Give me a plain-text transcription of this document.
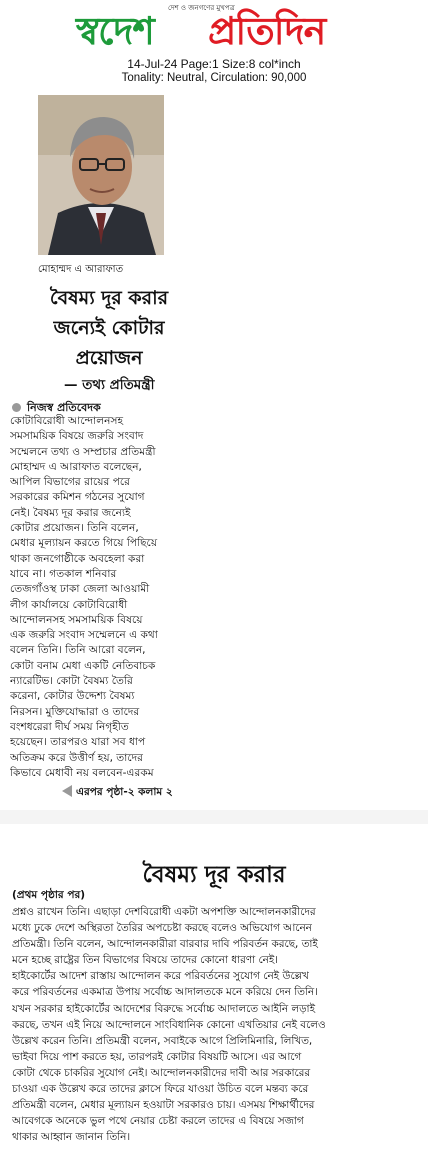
দেশ ও জনগণের মুখপত্র
স্বদেশ প্রতিদিন
14-Jul-24 Page:1 Size:8 col*inch
Tonality: Neutral, Circulation: 90,000
মোহাম্মদ এ আরাফাত
বৈষম্য দূর করার
জন্যেই কোটার
প্রয়োজন
— তথ্য প্রতিমন্ত্রী
নিজস্ব প্রতিবেদক
কোটাবিরোধী আন্দোলনসহ
সমসাময়িক বিষয়ে জরুরি সংবাদ
সম্মেলনে তথ্য ও সম্প্রচার প্রতিমন্ত্রী
মোহাম্মদ এ আরাফাত বলেছেন,
আপিল বিভাগের রায়ের পরে
সরকারের কমিশন গঠনের সুযোগ
নেই। বৈষম্য দূর করার জন্যেই
কোটার প্রয়োজন। তিনি বলেন,
মেধার মূল্যায়ন করতে গিয়ে পিছিয়ে
থাকা জনগোষ্ঠীকে অবহেলা করা
যাবে না। গতকাল শনিবার
তেজগাঁওস্থ ঢাকা জেলা আওয়ামী
লীগ কার্যালয়ে কোটাবিরোধী
আন্দোলনসহ সমসাময়িক বিষয়ে
এক জরুরি সংবাদ সম্মেলনে এ কথা
বলেন তিনি। তিনি আরো বলেন,
কোটা বনাম মেধা একটি নেতিবাচক
ন্যারেটিভ। কোটা বৈষম্য তৈরি
করেনা, কোটার উদ্দেশ্য বৈষম্য
নিরসন। মুক্তিযোদ্ধারা ও তাদের
বংশধরেরা দীর্ঘ সময় নিগৃহীত
হয়েছেন। তারপরও যারা সব ধাপ
অতিক্রম করে উত্তীর্ণ হয়, তাদের
কিভাবে মেধাবী নয় বলবেন-এরকম
এরপর পৃষ্ঠা-২ কলাম ২
বৈষম্য দূর করার
(প্রথম পৃষ্ঠার পর)
প্রশ্নও রাখেন তিনি। এছাড়া দেশবিরোধী একটা অপশক্তি আন্দোলনকারীদের
মধ্যে ঢুকে দেশে অস্থিরতা তৈরির অপচেষ্টা করছে বলেও অভিযোগ আনেন
প্রতিমন্ত্রী। তিনি বলেন, আন্দোলনকারীরা বারবার দাবি পরিবর্তন করছে, তাই
মনে হচ্ছে রাষ্ট্রের তিন বিভাগের বিষয়ে তাদের কোনো ধারণা নেই।
হাইকোর্টের আদেশ রাস্তায় আন্দোলন করে পরিবর্তনের সুযোগ নেই উল্লেখ
করে পরিবর্তনের একমাত্র উপায় সর্বোচ্চ আদালতকে মনে করিয়ে দেন তিনি।
যখন সরকার হাইকোর্টের আদেশের বিরুদ্ধে সর্বোচ্চ আদালতে আইনি লড়াই
করছে, তখন এই নিয়ে আন্দোলনে সাংবিধানিক কোনো এখতিয়ার নেই বলেও
উল্লেখ করেন তিনি। প্রতিমন্ত্রী বলেন, সবাইকে আগে প্রিলিমিনারি, লিখিত,
ভাইবা দিয়ে পাশ করতে হয়, তারপরই কোটার বিষয়টি আসে। এর আগে
কোটা থেকে চাকরির সুযোগ নেই। আন্দোলনকারীদের দাবী আর সরকারের
চাওয়া এক উল্লেখ করে তাদের ক্লাসে ফিরে যাওয়া উচিত বলে মন্তব্য করে
প্রতিমন্ত্রী বলেন, মেধার মূল্যায়ন হওয়াটা সরকারও চায়। এসময় শিক্ষার্থীদের
আবেগকে অনেকে ভুল পথে নেয়ার চেষ্টা করলে তাদের এ বিষয়ে সজাগ
থাকার আহ্বান জানান তিনি।
